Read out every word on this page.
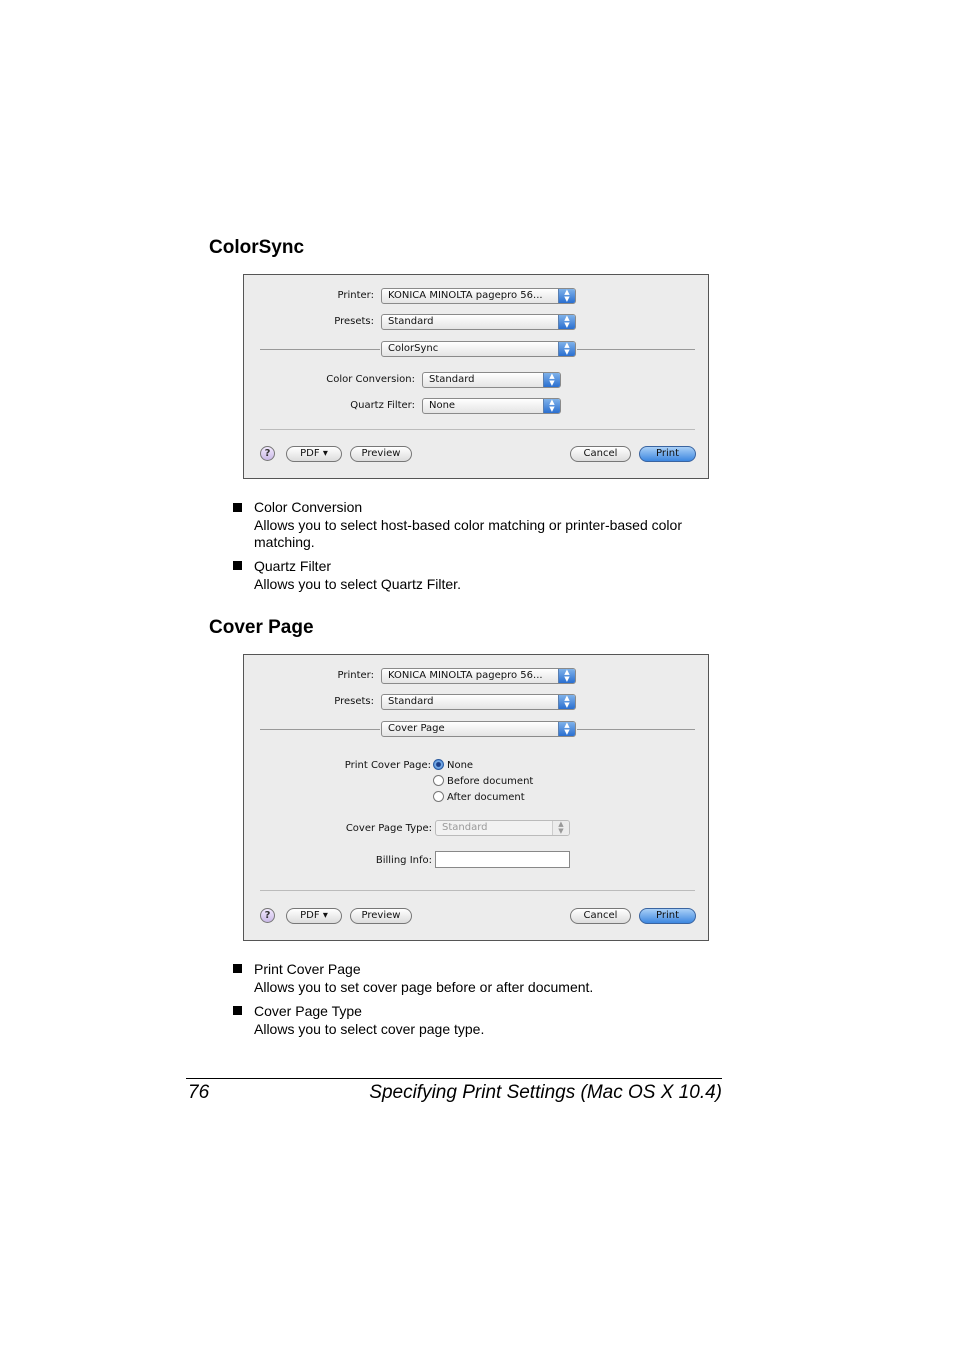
ColorSync
Printer:	KONICA MINOLTA pagepro 56...	▲
▼
Presets:	Standard	▲
▼
ColorSync	▲
▼
Color Conversion:	Standard	▲
▼
Quartz Filter:	None	▲
▼
?	PDF ▾	Preview	Cancel	Print
Color Conversion
Allows you to select host-based color matching or printer-based color
matching.
Quartz Filter
Allows you to select Quartz Filter.
Cover Page
Printer:	KONICA MINOLTA pagepro 56...	▲
▼
Presets:	Standard	▲
▼
Cover Page	▲
▼
Print Cover Page: None
Before document
After document
Cover Page Type:	Standard	▲
▼
Billing Info:
?	PDF ▾	Preview	Cancel	Print
Print Cover Page
Allows you to set cover page before or after document.
Cover Page Type
Allows you to select cover page type.
76	Specifying Print Settings (Mac OS X 10.4)
